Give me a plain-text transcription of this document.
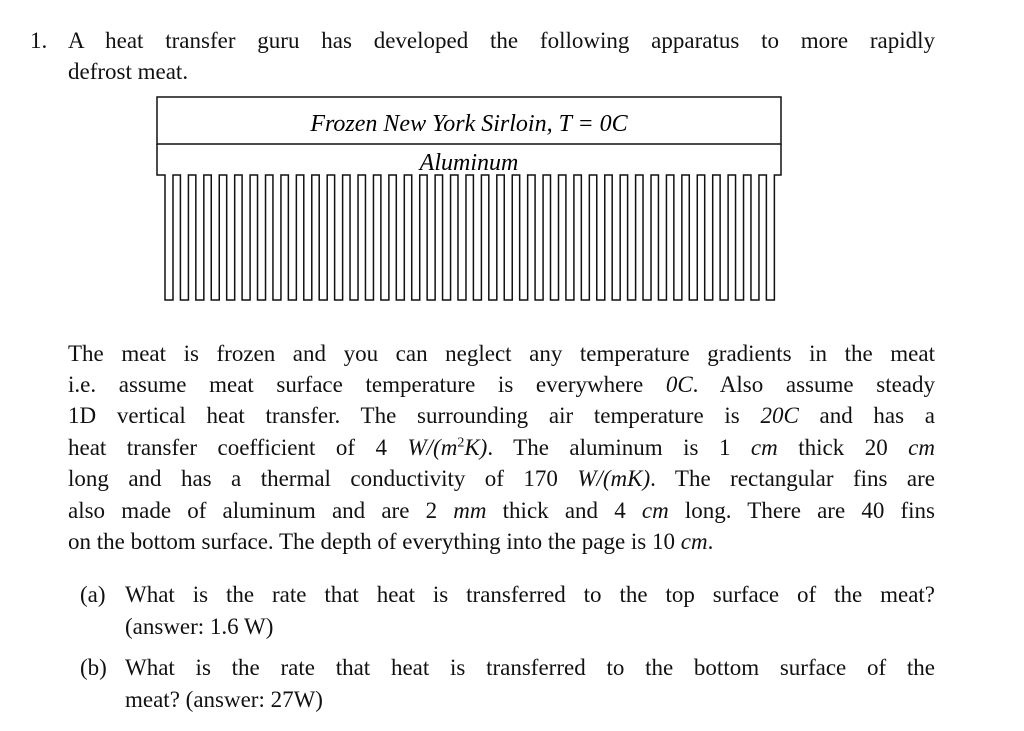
1.
Frozen New York Sirloin, T = 0C
Aluminum
A heat transfer guru has developed the following apparatus to more rapidly
defrost meat.
The meat is frozen and you can neglect any temperature gradients in the meat
i.e. assume meat surface temperature is everywhere 0C. Also assume steady
1D vertical heat transfer. The surrounding air temperature is 20C and has a
heat transfer coefficient of 4 $W/(m^2K)$. The aluminum is 1 cm thick 20 cm
long and has a thermal conductivity of 170 W/(mK). The rectangular fins are
also made of aluminum and are 2 mm thick and 4 cm long. There are 40 fins
on the bottom surface. The depth of everything into the page is 10 cm.
(a) What is the rate that heat is transferred to the top surface of the meat?
(answer: 1.6 W)
(b) What is the rate that heat is transferred to the bottom surface of the
meat? (answer: 27W)
